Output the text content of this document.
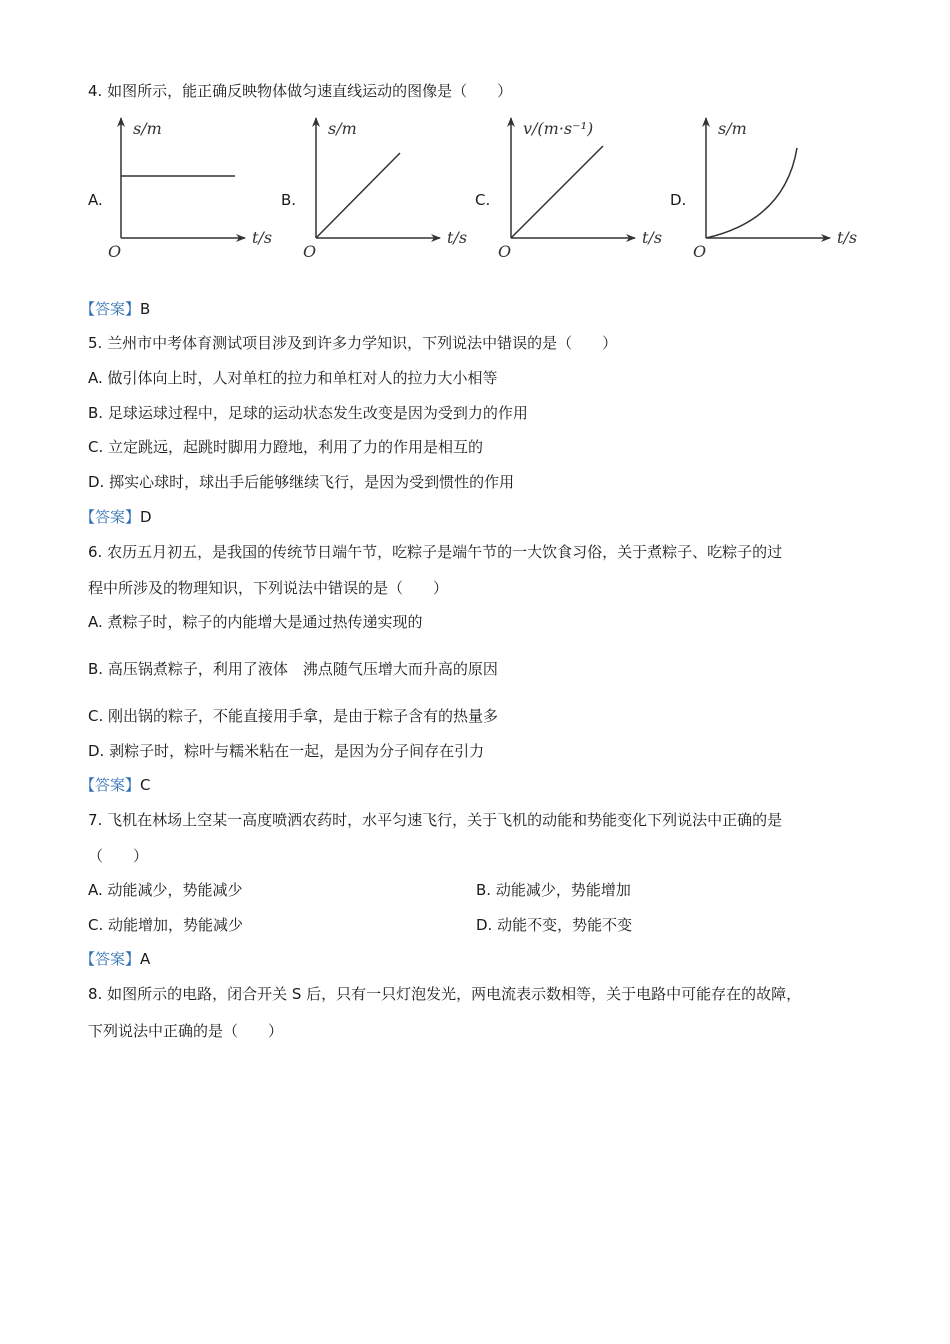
4. 如图所示，能正确反映物体做匀速直线运动的图像是（　　）
A.
s/m
t/s
O
B.
s/m
t/s
O
C.
v/(m·s⁻¹)
t/s
O
D.
s/m
t/s
O
【答案】B
5. 兰州市中考体育测试项目涉及到许多力学知识，下列说法中错误的是（　　）
A. 做引体向上时，人对单杠的拉力和单杠对人的拉力大小相等
B. 足球运球过程中，足球的运动状态发生改变是因为受到力的作用
C. 立定跳远，起跳时脚用力蹬地，利用了力的作用是相互的
D. 掷实心球时，球出手后能够继续飞行，是因为受到惯性的作用
【答案】D
6. 农历五月初五，是我国的传统节日端午节，吃粽子是端午节的一大饮食习俗，关于煮粽子、吃粽子的过
程中所涉及的物理知识，下列说法中错误的是（　　）
A. 煮粽子时，粽子的内能增大是通过热传递实现的
B. 高压锅煮粽子，利用了液体　沸点随气压增大而升高的原因
C. 刚出锅的粽子，不能直接用手拿，是由于粽子含有的热量多
D. 剥粽子时，粽叶与糯米粘在一起，是因为分子间存在引力
【答案】C
7. 飞机在林场上空某一高度喷洒农药时，水平匀速飞行，关于飞机的动能和势能变化下列说法中正确的是
（　　）
A. 动能减少，势能减少	B. 动能减少，势能增加
C. 动能增加，势能减少	D. 动能不变，势能不变
【答案】A
8. 如图所示的电路，闭合开关 S 后，只有一只灯泡发光，两电流表示数相等，关于电路中可能存在的故障，
下列说法中正确的是（　　）
